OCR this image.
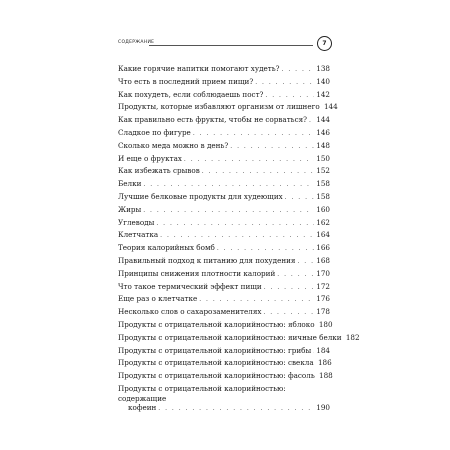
СОДЕРЖАНИЕ	7
Какие горячие напитки помогают худеть? . . .	138
Что есть в последний прием пищи? . . .	140
Как похудеть, если соблюдаешь пост? . . .	142
Продукты, которые избавляют организм от лишнего 144
Как правильно есть фрукты, чтобы не сорваться? . . . 144
Сладкое по фигуре . . .	146
Сколько меда можно в день? . . .	148
И еще о фруктах . . .	150
Как избежать срывов . . .	152
Белки . . .	158
Лучшие белковые продукты для худеющих . . .	158
Жиры . . .	160
Углеводы . . .	162
Клетчатка . . .	164
Теория калорийных бомб . . .	166
Правильный подход к питанию для похудения . . .	168
Принципы снижения плотности калорий . . .	170
Что такое термический эффект пищи . . .	172
Еще раз о клетчатке . . .	176
Несколько слов о сахарозаменителях . . .	178
Продукты с отрицательной калорийностью: яблоко 180
Продукты с отрицательной калорийностью: яичные белки 182
Продукты с отрицательной калорийностью: грибы . . . 184
Продукты с отрицательной калорийностью: свекла 186
Продукты с отрицательной калорийностью: фасоль 188
Продукты с отрицательной калорийностью: содержащие
кофеин . . .	190
